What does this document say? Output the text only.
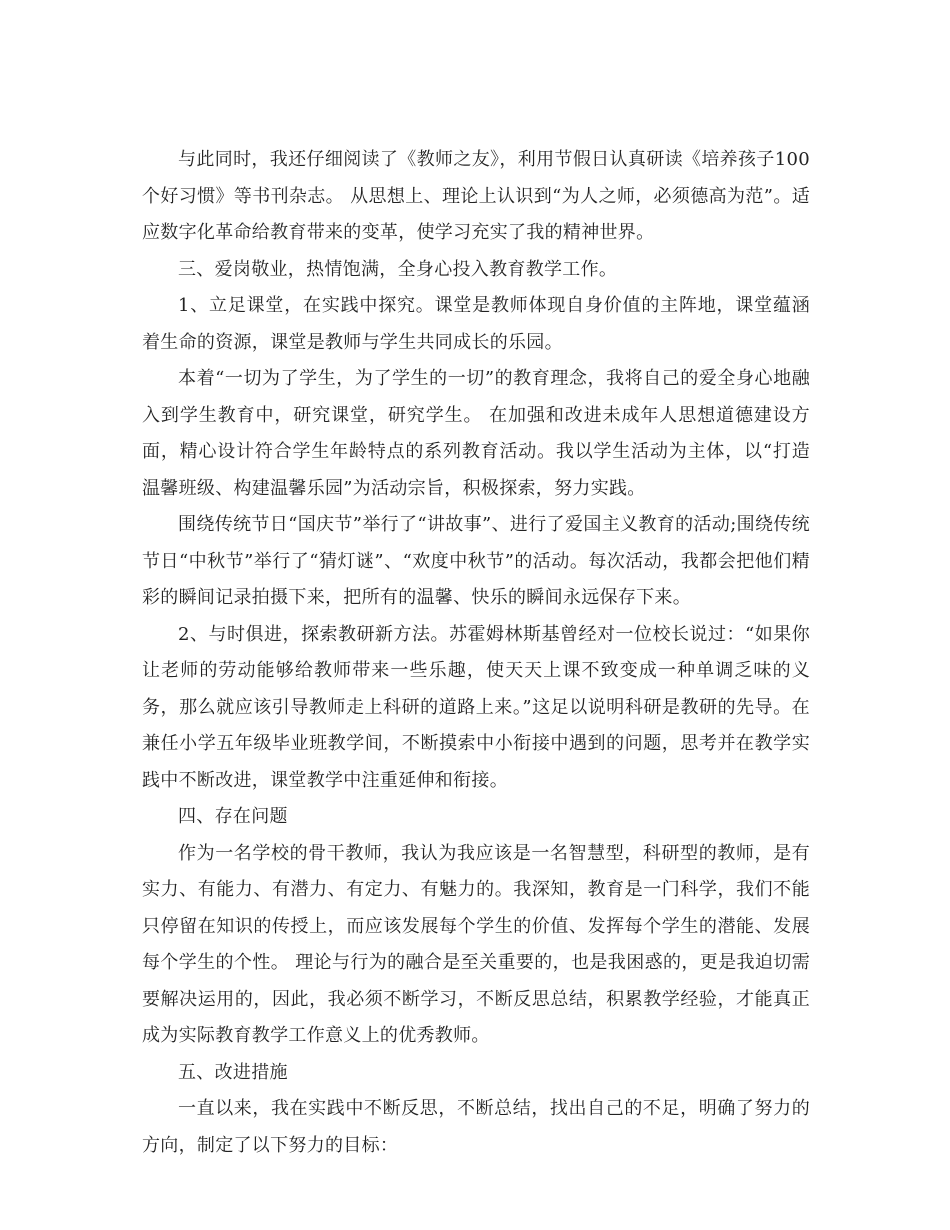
与此同时，我还仔细阅读了《教师之友》，利用节假日认真研读《培养孩子100个好习惯》等书刊杂志。 从思想上、理论上认识到“为人之师，必须德高为范”。适应数字化革命给教育带来的变革，使学习充实了我的精神世界。

三、爱岗敬业，热情饱满，全身心投入教育教学工作。

1、立足课堂，在实践中探究。课堂是教师体现自身价值的主阵地，课堂蕴涵着生命的资源，课堂是教师与学生共同成长的乐园。

本着“一切为了学生，为了学生的一切”的教育理念，我将自己的爱全身心地融入到学生教育中，研究课堂，研究学生。 在加强和改进未成年人思想道德建设方面，精心设计符合学生年龄特点的系列教育活动。我以学生活动为主体，以“打造温馨班级、构建温馨乐园”为活动宗旨，积极探索，努力实践。

围绕传统节日“国庆节”举行了“讲故事”、进行了爱国主义教育的活动;围绕传统节日“中秋节”举行了“猜灯谜”、“欢度中秋节”的活动。每次活动，我都会把他们精彩的瞬间记录拍摄下来，把所有的温馨、快乐的瞬间永远保存下来。

2、与时俱进，探索教研新方法。苏霍姆林斯基曾经对一位校长说过：“如果你让老师的劳动能够给教师带来一些乐趣，使天天上课不致变成一种单调乏味的义务，那么就应该引导教师走上科研的道路上来。”这足以说明科研是教研的先导。在兼任小学五年级毕业班教学间，不断摸索中小衔接中遇到的问题，思考并在教学实践中不断改进，课堂教学中注重延伸和衔接。

四、存在问题

作为一名学校的骨干教师，我认为我应该是一名智慧型，科研型的教师，是有实力、有能力、有潜力、有定力、有魅力的。我深知，教育是一门科学，我们不能只停留在知识的传授上，而应该发展每个学生的价值、发挥每个学生的潜能、发展每个学生的个性。 理论与行为的融合是至关重要的，也是我困惑的，更是我迫切需要解决运用的，因此，我必须不断学习，不断反思总结，积累教学经验，才能真正成为实际教育教学工作意义上的优秀教师。

五、改进措施

一直以来，我在实践中不断反思，不断总结，找出自己的不足，明确了努力的方向，制定了以下努力的目标：
